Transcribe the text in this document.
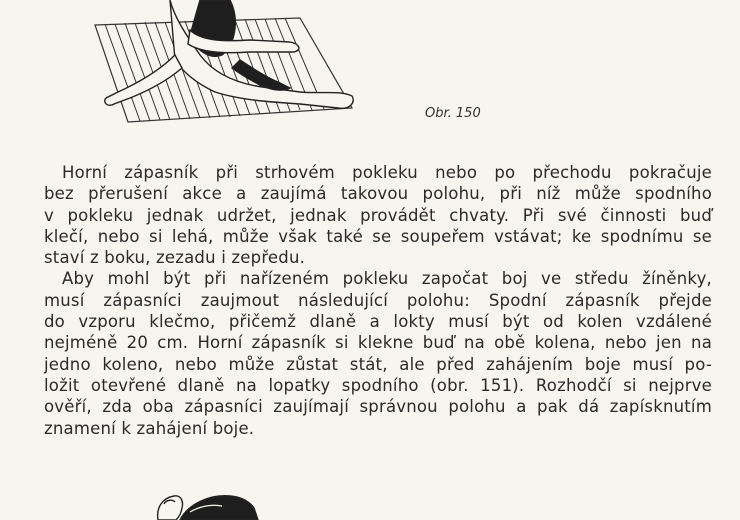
Obr. 150

Horní zápasník při strhovém pokleku nebo po přechodu pokračuje
bez přerušení akce a zaujímá takovou polohu, při níž může spodního
v pokleku jednak udržet, jednak provádět chvaty. Při své činnosti buď
klečí, nebo si lehá, může však také se soupeřem vstávat; ke spodnímu se
staví z boku, zezadu i zepředu.

Aby mohl být při nařízeném pokleku započat boj ve středu žíněnky,
musí zápasníci zaujmout následující polohu: Spodní zápasník přejde
do vzporu klečmo, přičemž dlaně a lokty musí být od kolen vzdálené
nejméně 20 cm. Horní zápasník si klekne buď na obě kolena, nebo jen na
jedno koleno, nebo může zůstat stát, ale před zahájením boje musí po-
ložit otevřené dlaně na lopatky spodního (obr. 151). Rozhodčí si nejprve
ověří, zda oba zápasníci zaujímají správnou polohu a pak dá zapísknutím
znamení k zahájení boje.
